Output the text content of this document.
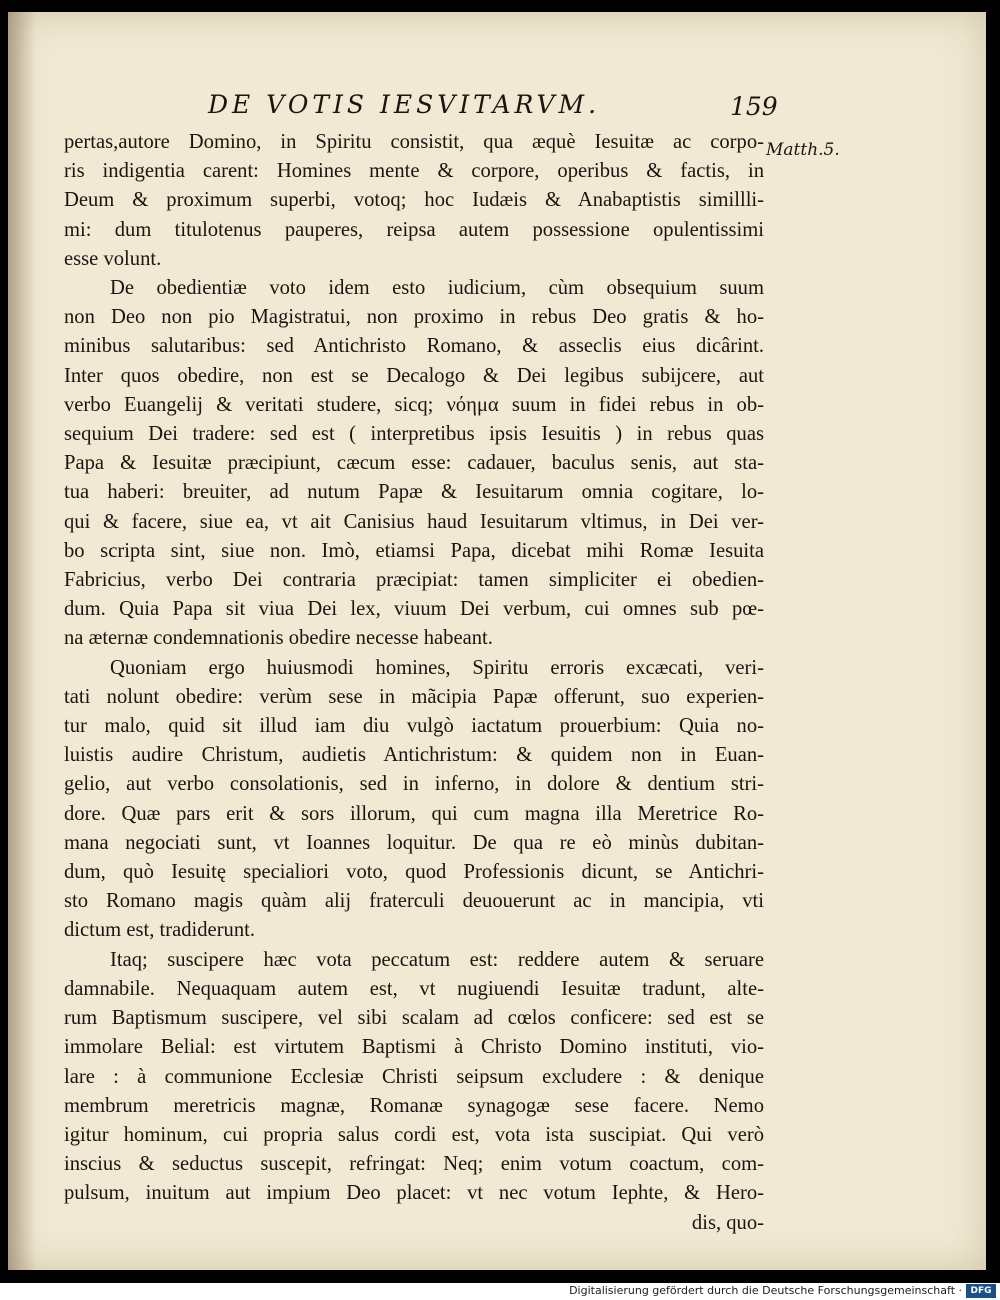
DE VOTIS IESVITARVM.	159
Matth.5.
pertas,autore Domino, in Spiritu consistit, qua æquè Iesuitæ ac corpo-
ris indigentia carent: Homines mente & corpore, operibus & factis, in
Deum & proximum superbi, votoq; hoc Iudæis & Anabaptistis simillli-
mi: dum titulotenus pauperes, reipsa autem possessione opulentissimi
esse volunt.
De obedientiæ voto idem esto iudicium, cùm obsequium suum
non Deo non pio Magistratui, non proximo in rebus Deo gratis & ho-
minibus salutaribus: sed Antichristo Romano, & asseclis eius dicârint.
Inter quos obedire, non est se Decalogo & Dei legibus subijcere, aut
verbo Euangelij & veritati studere, sicq; νόημα suum in fidei rebus in ob-
sequium Dei tradere: sed est ( interpretibus ipsis Iesuitis ) in rebus quas
Papa & Iesuitæ præcipiunt, cæcum esse: cadauer, baculus senis, aut sta-
tua haberi: breuiter, ad nutum Papæ & Iesuitarum omnia cogitare, lo-
qui & facere, siue ea, vt ait Canisius haud Iesuitarum vltimus, in Dei ver-
bo scripta sint, siue non. Imò, etiamsi Papa, dicebat mihi Romæ Iesuita
Fabricius, verbo Dei contraria præcipiat: tamen simpliciter ei obedien-
dum. Quia Papa sit viua Dei lex, viuum Dei verbum, cui omnes sub pœ-
na æternæ condemnationis obedire necesse habeant.
Quoniam ergo huiusmodi homines, Spiritu erroris excæcati, veri-
tati nolunt obedire: verùm sese in mãcipia Papæ offerunt, suo experien-
tur malo, quid sit illud iam diu vulgò iactatum prouerbium: Quia no-
luistis audire Christum, audietis Antichristum: & quidem non in Euan-
gelio, aut verbo consolationis, sed in inferno, in dolore & dentium stri-
dore. Quæ pars erit & sors illorum, qui cum magna illa Meretrice Ro-
mana negociati sunt, vt Ioannes loquitur. De qua re eò minùs dubitan-
dum, quò Iesuitę specialiori voto, quod Professionis dicunt, se Antichri-
sto Romano magis quàm alij fraterculi deuouerunt ac in mancipia, vti
dictum est, tradiderunt.
Itaq; suscipere hæc vota peccatum est: reddere autem & seruare
damnabile. Nequaquam autem est, vt nugiuendi Iesuitæ tradunt, alte-
rum Baptismum suscipere, vel sibi scalam ad cœlos conficere: sed est se
immolare Belial: est virtutem Baptismi à Christo Domino instituti, vio-
lare : à communione Ecclesiæ Christi seipsum excludere : & denique
membrum meretricis magnæ, Romanæ synagogæ sese facere. Nemo
igitur hominum, cui propria salus cordi est, vota ista suscipiat. Qui verò
inscius & seductus suscepit, refringat: Neq; enim votum coactum, com-
pulsum, inuitum aut impium Deo placet: vt nec votum Iephte, & Hero-
dis, quo-
Digitalisierung gefördert durch die Deutsche Forschungsgemeinschaft · DFG
